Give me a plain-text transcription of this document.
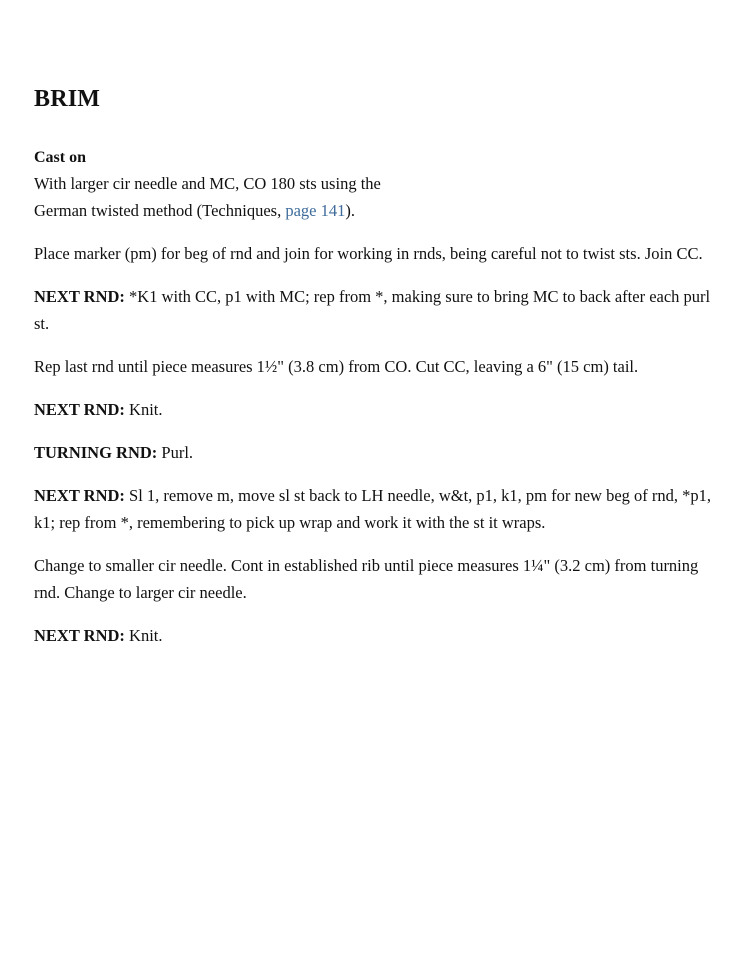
BRIM
Cast on

With larger cir needle and MC, CO 180 sts using the
German twisted method (Techniques, page 141).

Place marker (pm) for beg of rnd and join for working in rnds, being careful not to twist sts. Join CC.

NEXT RND: *K1 with CC, p1 with MC; rep from *, making sure to bring MC to back after each purl st.

Rep last rnd until piece measures 1½" (3.8 cm) from CO. Cut CC, leaving a 6" (15 cm) tail.

NEXT RND: Knit.

TURNING RND: Purl.

NEXT RND: Sl 1, remove m, move sl st back to LH needle, w&t, p1, k1, pm for new beg of rnd, *p1, k1; rep from *, remembering to pick up wrap and work it with the st it wraps.

Change to smaller cir needle. Cont in established rib until piece measures 1¼" (3.2 cm) from turning rnd. Change to larger cir needle.

NEXT RND: Knit.
